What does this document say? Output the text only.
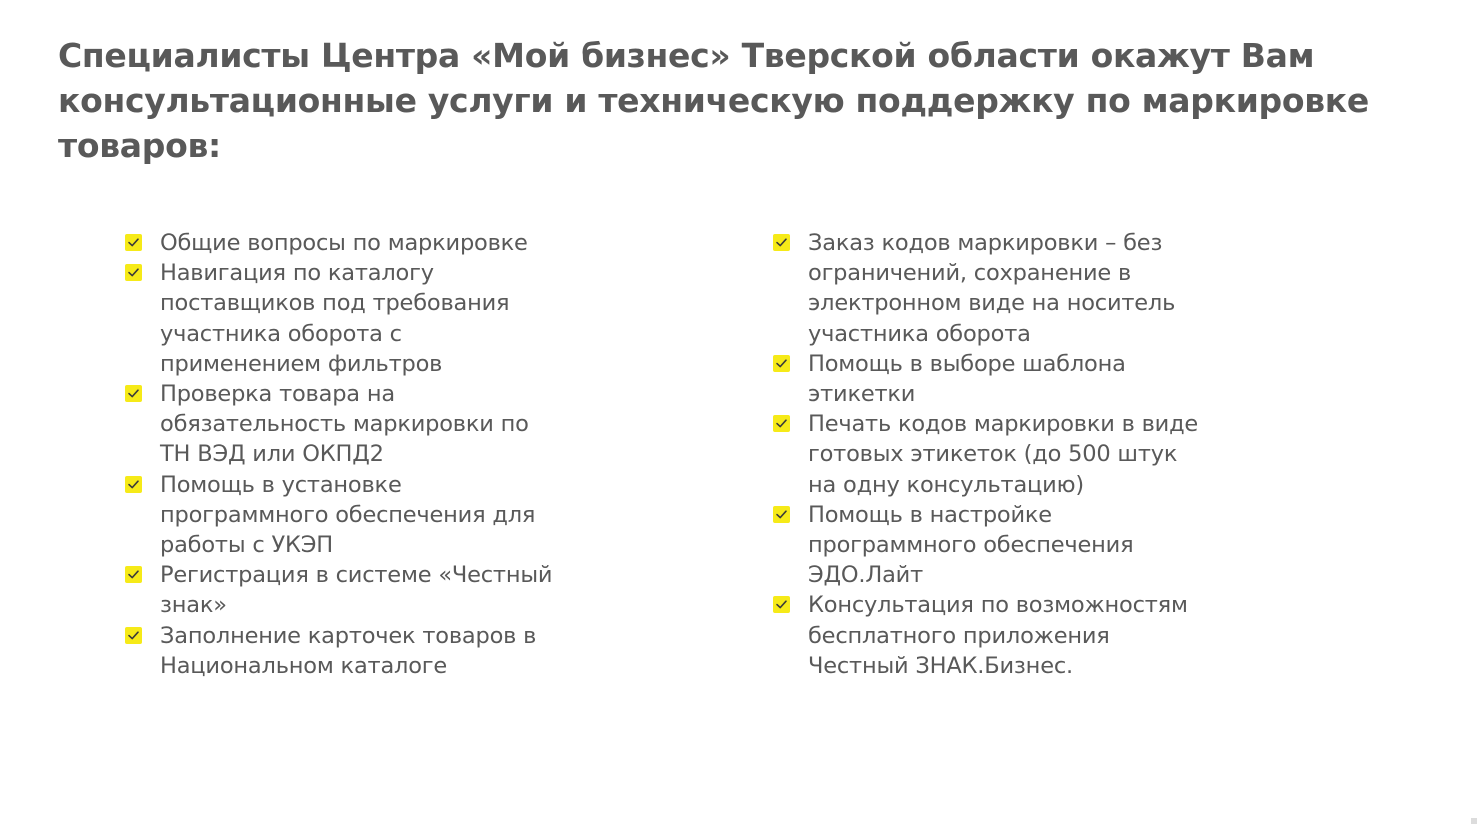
Специалисты Центра «Мой бизнес» Тверской области окажут Вам консультационные услуги и техническую поддержку по маркировке товаров:
Общие вопросы по маркировке
Навигация по каталогу поставщиков под требования участника оборота с применением фильтров
Проверка товара на обязательность маркировки по ТН ВЭД или ОКПД2
Помощь в установке программного обеспечения для работы с УКЭП
Регистрация в системе «Честный знак»
Заполнение карточек товаров в Национальном каталоге
Заказ кодов маркировки – без ограничений, сохранение в электронном виде на носитель участника оборота
Помощь в выборе шаблона этикетки
Печать кодов маркировки в виде готовых этикеток (до 500 штук на одну консультацию)
Помощь в настройке программного обеспечения ЭДО.Лайт
Консультация по возможностям бесплатного приложения Честный ЗНАК.Бизнес.
